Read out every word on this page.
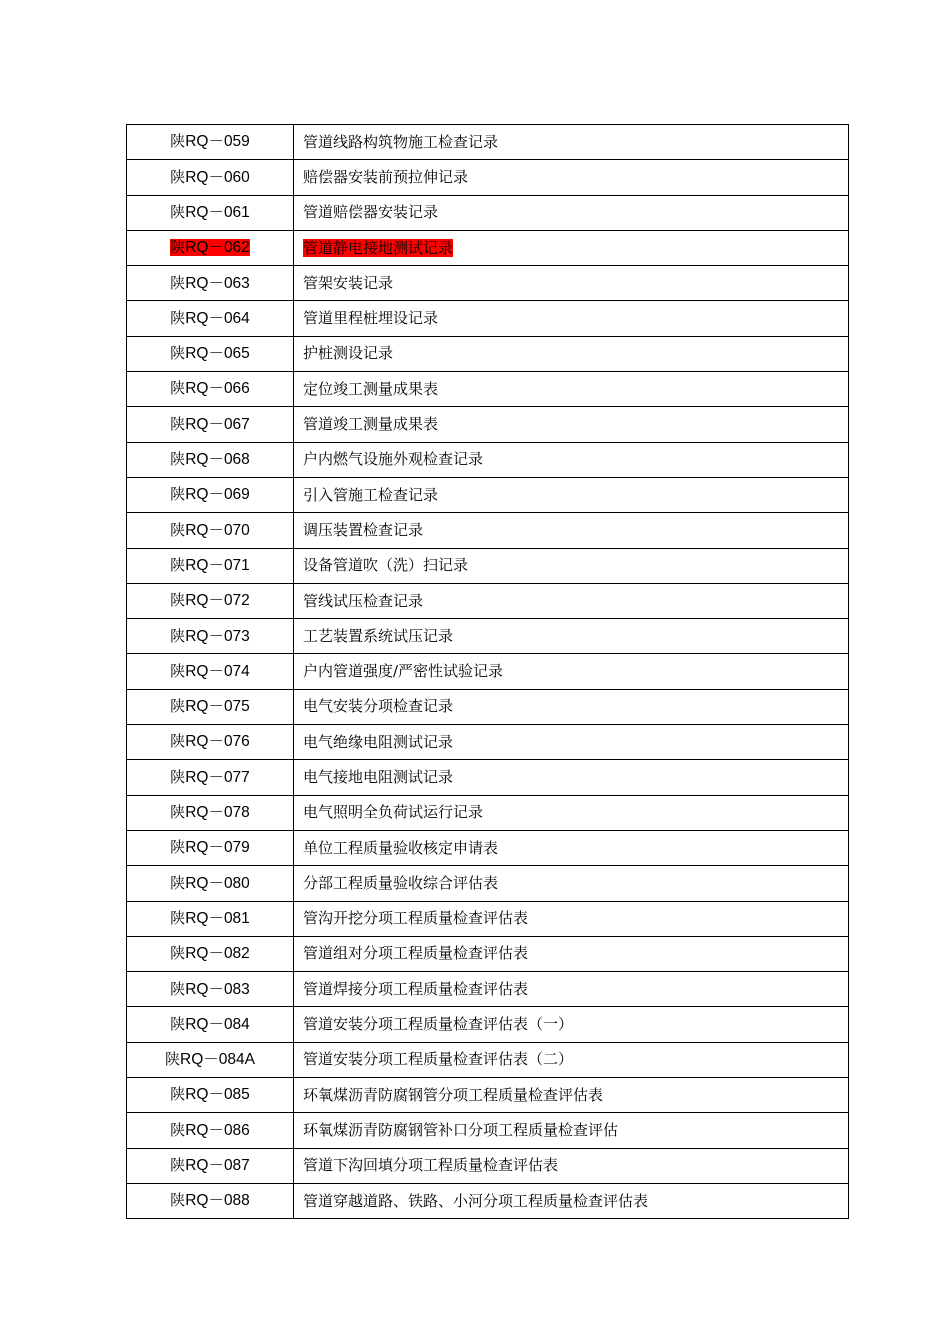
陕RQ－059	管道线路构筑物施工检查记录
陕RQ－060	赔偿器安装前预拉伸记录
陕RQ－061	管道赔偿器安装记录
陕RQ－062	管道静电接地测试记录
陕RQ－063	管架安装记录
陕RQ－064	管道里程桩埋设记录
陕RQ－065	护桩测设记录
陕RQ－066	定位竣工测量成果表
陕RQ－067	管道竣工测量成果表
陕RQ－068	户内燃气设施外观检查记录
陕RQ－069	引入管施工检查记录
陕RQ－070	调压装置检查记录
陕RQ－071	设备管道吹（洗）扫记录
陕RQ－072	管线试压检查记录
陕RQ－073	工艺装置系统试压记录
陕RQ－074	户内管道强度/严密性试验记录
陕RQ－075	电气安装分项检查记录
陕RQ－076	电气绝缘电阻测试记录
陕RQ－077	电气接地电阻测试记录
陕RQ－078	电气照明全负荷试运行记录
陕RQ－079	单位工程质量验收核定申请表
陕RQ－080	分部工程质量验收综合评估表
陕RQ－081	管沟开挖分项工程质量检查评估表
陕RQ－082	管道组对分项工程质量检查评估表
陕RQ－083	管道焊接分项工程质量检查评估表
陕RQ－084	管道安装分项工程质量检查评估表（一）
陕RQ－084A	管道安装分项工程质量检查评估表（二）
陕RQ－085	环氧煤沥青防腐钢管分项工程质量检查评估表
陕RQ－086	环氧煤沥青防腐钢管补口分项工程质量检查评估
陕RQ－087	管道下沟回填分项工程质量检查评估表
陕RQ－088	管道穿越道路、铁路、小河分项工程质量检查评估表
